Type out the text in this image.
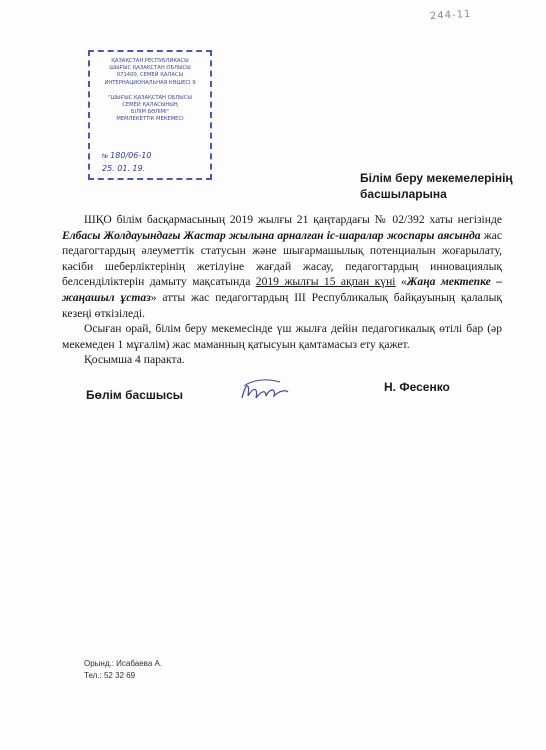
244-11
ҚАЗАҚСТАН РЕСПУБЛИКАСЫ
ШЫҒЫС ҚАЗАҚСТАН ОБЛЫСЫ
071400, СЕМЕЙ ҚАЛАСЫ
ИНТЕРНАЦИОНАЛЬНАЯ КӨШЕСІ 9
"ШЫҒЫС ҚАЗАҚСТАН ОБЛЫСЫ
СЕМЕЙ ҚАЛАСЫНЫҢ
БІЛІМ БӨЛІМІ"
МЕМЛЕКЕТТІК МЕКЕМЕСІ
№ 180/06-10
25. 01. 19.
Білім беру мекемелерінің басшыларына

ШҚО білім басқармасының 2019 жылғы 21 қаңтардағы № 02/392 хаты негізінде Елбасы Жолдауындағы Жастар жылына арналған іс-шаралар жоспары аясында жас педагогтардың әлеуметтік статусын және шығармашылық потенциалын жоғарылату, кәсіби шеберліктерінің жетілуіне жағдай жасау, педагогтардың инновациялық белсенділіктерін дамыту мақсатында 2019 жылғы 15 ақпан күні «Жаңа мектепке – жаңашыл ұстаз» атты жас педагогтардың ІІІ Республикалық байқауының қалалық кезеңі өткізіледі.

Осыған орай, білім беру мекемесінде үш жылға дейін педагогикалық өтілі бар (әр мекемеден 1 мұғалім) жас маманның қатысуын қамтамасыз ету қажет.

Қосымша 4 паракта.

Бөлім басшысы
Н. Фесенко
Орынд.: Исабаева А.
Тел.: 52 32 69
